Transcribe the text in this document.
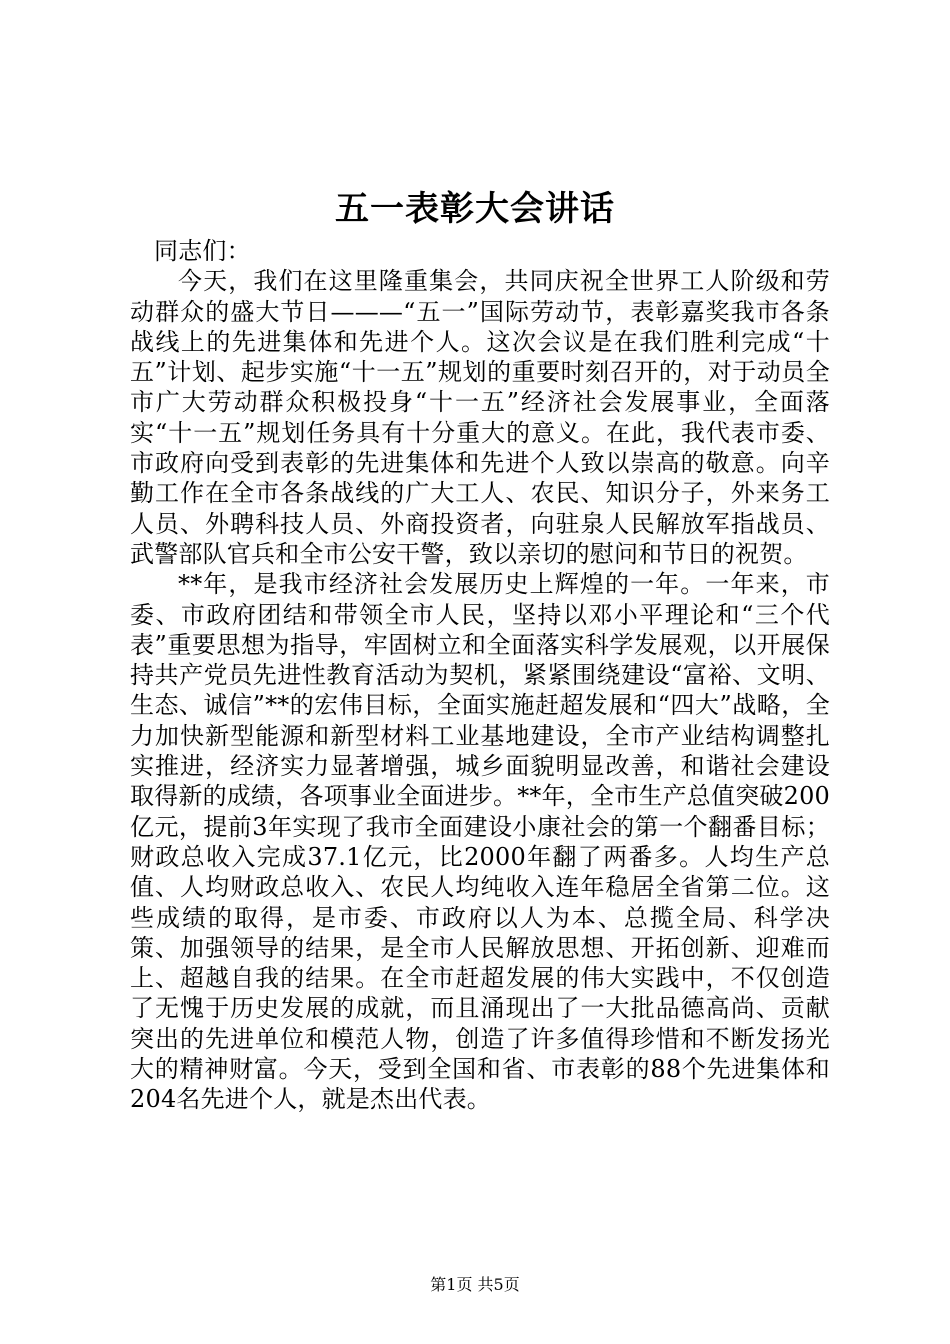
五一表彰大会讲话

同志们：

今天，我们在这里隆重集会，共同庆祝全世界工人阶级和劳动群众的盛大节日———“五一”国际劳动节，表彰嘉奖我市各条战线上的先进集体和先进个人。这次会议是在我们胜利完成“十五”计划、起步实施“十一五”规划的重要时刻召开的，对于动员全市广大劳动群众积极投身“十一五”经济社会发展事业，全面落实“十一五”规划任务具有十分重大的意义。在此，我代表市委、市政府向受到表彰的先进集体和先进个人致以崇高的敬意。向辛勤工作在全市各条战线的广大工人、农民、知识分子，外来务工人员、外聘科技人员、外商投资者，向驻泉人民解放军指战员、武警部队官兵和全市公安干警，致以亲切的慰问和节日的祝贺。

**年，是我市经济社会发展历史上辉煌的一年。一年来，市委、市政府团结和带领全市人民，坚持以邓小平理论和“三个代表”重要思想为指导，牢固树立和全面落实科学发展观，以开展保持共产党员先进性教育活动为契机，紧紧围绕建设“富裕、文明、生态、诚信”**的宏伟目标，全面实施赶超发展和“四大”战略，全力加快新型能源和新型材料工业基地建设，全市产业结构调整扎实推进，经济实力显著增强，城乡面貌明显改善，和谐社会建设取得新的成绩，各项事业全面进步。**年，全市生产总值突破200亿元，提前3年实现了我市全面建设小康社会的第一个翻番目标；财政总收入完成37.1亿元，比2000年翻了两番多。人均生产总值、人均财政总收入、农民人均纯收入连年稳居全省第二位。这些成绩的取得，是市委、市政府以人为本、总揽全局、科学决策、加强领导的结果，是全市人民解放思想、开拓创新、迎难而上、超越自我的结果。在全市赶超发展的伟大实践中，不仅创造了无愧于历史发展的成就，而且涌现出了一大批品德高尚、贡献突出的先进单位和模范人物，创造了许多值得珍惜和不断发扬光大的精神财富。今天，受到全国和省、市表彰的88个先进集体和204名先进个人，就是杰出代表。

第1页 共5页
